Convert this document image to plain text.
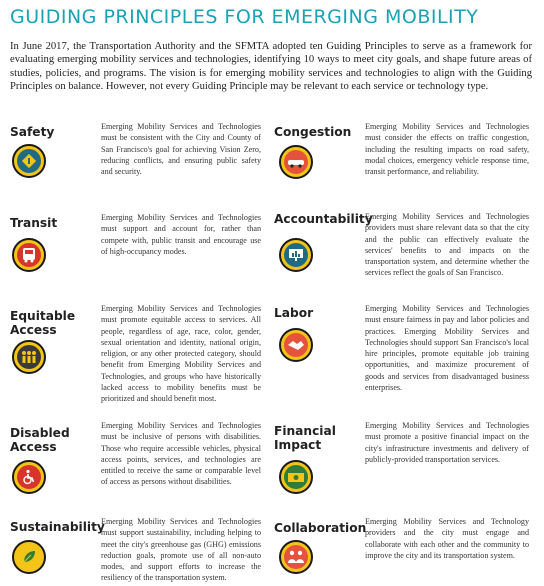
GUIDING PRINCIPLES FOR EMERGING MOBILITY
In June 2017, the Transportation Authority and the SFMTA adopted ten Guiding Principles to serve as a framework for evaluating emerging mobility services and technologies, identifying 10 ways to meet city goals, and shape future areas of studies, policies, and programs. The vision is for emerging mobility services and technologies to align with the Guiding Principles on balance. However, not every Guiding Principle may be relevant to each service or technology type.
Safety	Emerging Mobility Services and Technologies must be consistent with the City and County of San Francisco's goal for achieving Vision Zero, reducing conflicts, and ensuring public safety and security.
Congestion Emerging Mobility Services and Technologies must consider the effects on traffic congestion, including the resulting impacts on road safety, modal choices, emergency vehicle response time, transit performance, and reliability.
Transit	Emerging Mobility Services and Technologies must support and account for, rather than compete with, public transit and encourage use of high-occupancy modes.
Accountability
Emerging Mobility Services and Technologies providers must share relevant data so that the city and the public can effectively evaluate the services' benefits to and impacts on the transportation system, and determine whether the services reflect the goals of San Francisco.
Equitable Access
Emerging Mobility Services and Technologies must promote equitable access to services. All people, regardless of age, race, color, gender, sexual orientation and identity, national origin, religion, or any other protected category, should benefit from Emerging Mobility Services and Technologies, and groups who have historically lacked access to mobility benefits must be prioritized and should benefit most.
Labor	Emerging Mobility Services and Technologies must ensure fairness in pay and labor policies and practices. Emerging Mobility Services and Technologies should support San Francisco's local hire principles, promote equitable job training opportunities, and maximize procurement of goods and services from disadvantaged business enterprises.
Disabled Access
Emerging Mobility Services and Technologies must be inclusive of persons with disabilities. Those who require accessible vehicles, physical access points, services, and technologies are entitled to receive the same or comparable level of access as persons without disabilities.
Financial Impact
Emerging Mobility Services and Technologies must promote a positive financial impact on the city's infrastructure investments and delivery of publicly-provided transportation services.
Sustainability
Emerging Mobility Services and Technologies must support sustainability, including helping to meet the city's greenhouse gas (GHG) emissions reduction goals, promote use of all non-auto modes, and support efforts to increase the resiliency of the transportation system.
Collaboration
Emerging Mobility Services and Technology providers and the city must engage and collaborate with each other and the community to improve the city and its transportation system.
